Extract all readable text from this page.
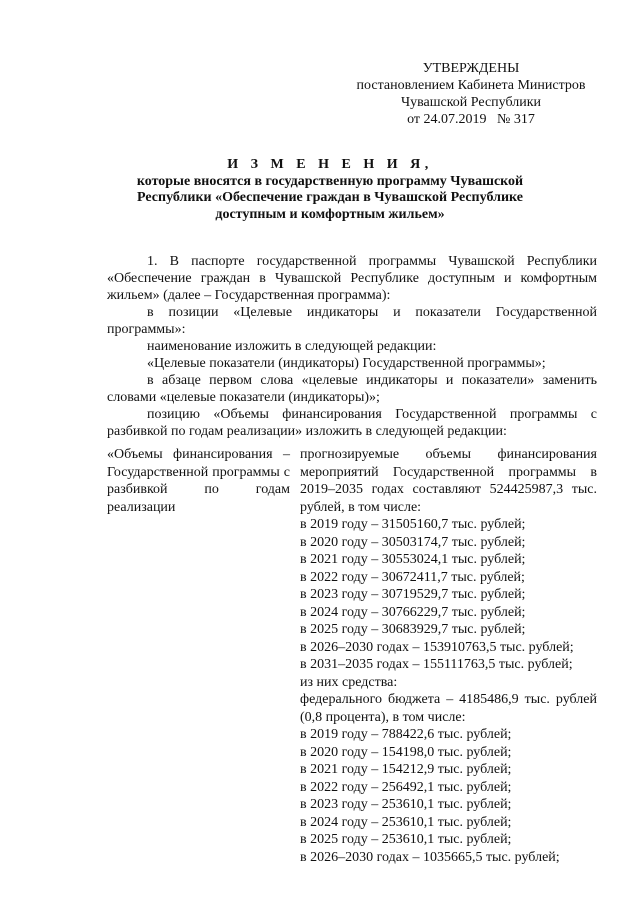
УТВЕРЖДЕНЫ
постановлением Кабинета Министров
Чувашской Республики
от 24.07.2019   № 317
И З М Е Н Е Н И Я,
которые вносятся в государственную программу Чувашской
Республики «Обеспечение граждан в Чувашской Республике
доступным и комфортным жильем»

1. В паспорте государственной программы Чувашской Республики «Обеспечение граждан в Чувашской Республике доступным и комфортным жильем» (далее – Государственная программа):

в позиции «Целевые индикаторы и показатели Государственной программы»:

наименование изложить в следующей редакции:

«Целевые показатели (индикаторы) Государственной программы»;

в абзаце первом слова «целевые индикаторы и показатели» заменить словами «целевые показатели (индикаторы)»;

позицию «Объемы финансирования Государственной программы с разбивкой по годам реализации» изложить в следующей редакции:

«Объемы финансирования – Государственной программы с разбивкой по годам реализации
прогнозируемые объемы финансирования мероприятий Государственной программы в 2019–2035 годах составляют 524425987,3 тыс. рублей, в том числе:
в 2019 году – 31505160,7 тыс. рублей;
в 2020 году – 30503174,7 тыс. рублей;
в 2021 году – 30553024,1 тыс. рублей;
в 2022 году – 30672411,7 тыс. рублей;
в 2023 году – 30719529,7 тыс. рублей;
в 2024 году – 30766229,7 тыс. рублей;
в 2025 году – 30683929,7 тыс. рублей;
в 2026–2030 годах – 153910763,5 тыс. рублей;
в 2031–2035 годах – 155111763,5 тыс. рублей;
из них средства:
федерального бюджета – 4185486,9 тыс. рублей (0,8 процента), в том числе:
в 2019 году – 788422,6 тыс. рублей;
в 2020 году – 154198,0 тыс. рублей;
в 2021 году – 154212,9 тыс. рублей;
в 2022 году – 256492,1 тыс. рублей;
в 2023 году – 253610,1 тыс. рублей;
в 2024 году – 253610,1 тыс. рублей;
в 2025 году – 253610,1 тыс. рублей;
в 2026–2030 годах – 1035665,5 тыс. рублей;
